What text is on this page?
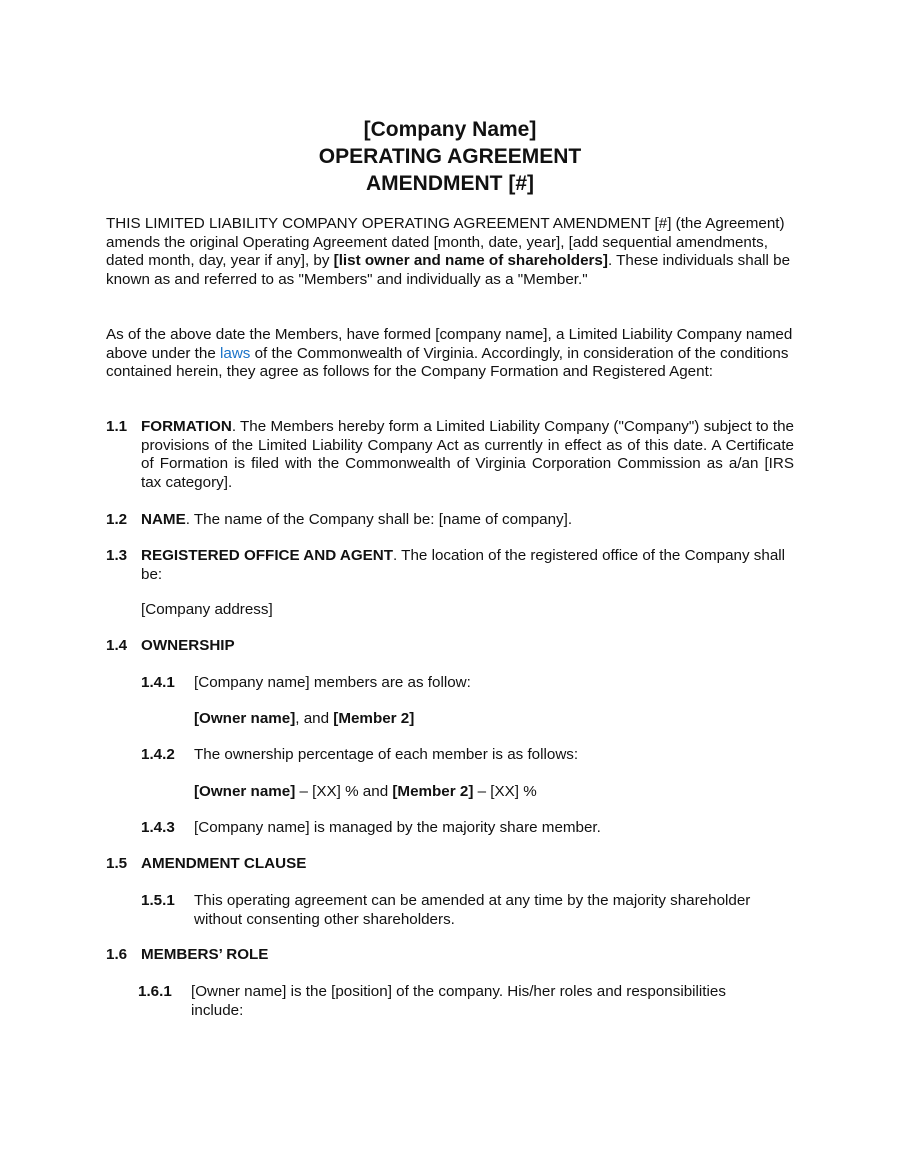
[Company Name]
OPERATING AGREEMENT
AMENDMENT [#]

THIS LIMITED LIABILITY COMPANY OPERATING AGREEMENT AMENDMENT [#] (the Agreement) amends the original Operating Agreement dated [month, date, year], [add sequential amendments, dated month, day, year if any], by [list owner and name of shareholders]. These individuals shall be known as and referred to as "Members" and individually as a "Member."

As of the above date the Members, have formed [company name], a Limited Liability Company named above under the laws of the Commonwealth of Virginia. Accordingly, in consideration of the conditions contained herein, they agree as follows for the Company Formation and Registered Agent:

1.1 FORMATION. The Members hereby form a Limited Liability Company ("Company") subject to the provisions of the Limited Liability Company Act as currently in effect as of this date. A Certificate of Formation is filed with the Commonwealth of Virginia Corporation Commission as a/an [IRS tax category].
1.2 NAME. The name of the Company shall be: [name of company].
1.3 REGISTERED OFFICE AND AGENT. The location of the registered office of the Company shall be:
[Company address]
1.4 OWNERSHIP
1.4.1 [Company name] members are as follow:
[Owner name], and [Member 2]
1.4.2 The ownership percentage of each member is as follows:
[Owner name] – [XX] % and [Member 2] – [XX] %
1.4.3 [Company name] is managed by the majority share member.
1.5 AMENDMENT CLAUSE
1.5.1 This operating agreement can be amended at any time by the majority shareholder without consenting other shareholders.
1.6 MEMBERS’ ROLE
1.6.1 [Owner name] is the [position] of the company. His/her roles and responsibilities include:
